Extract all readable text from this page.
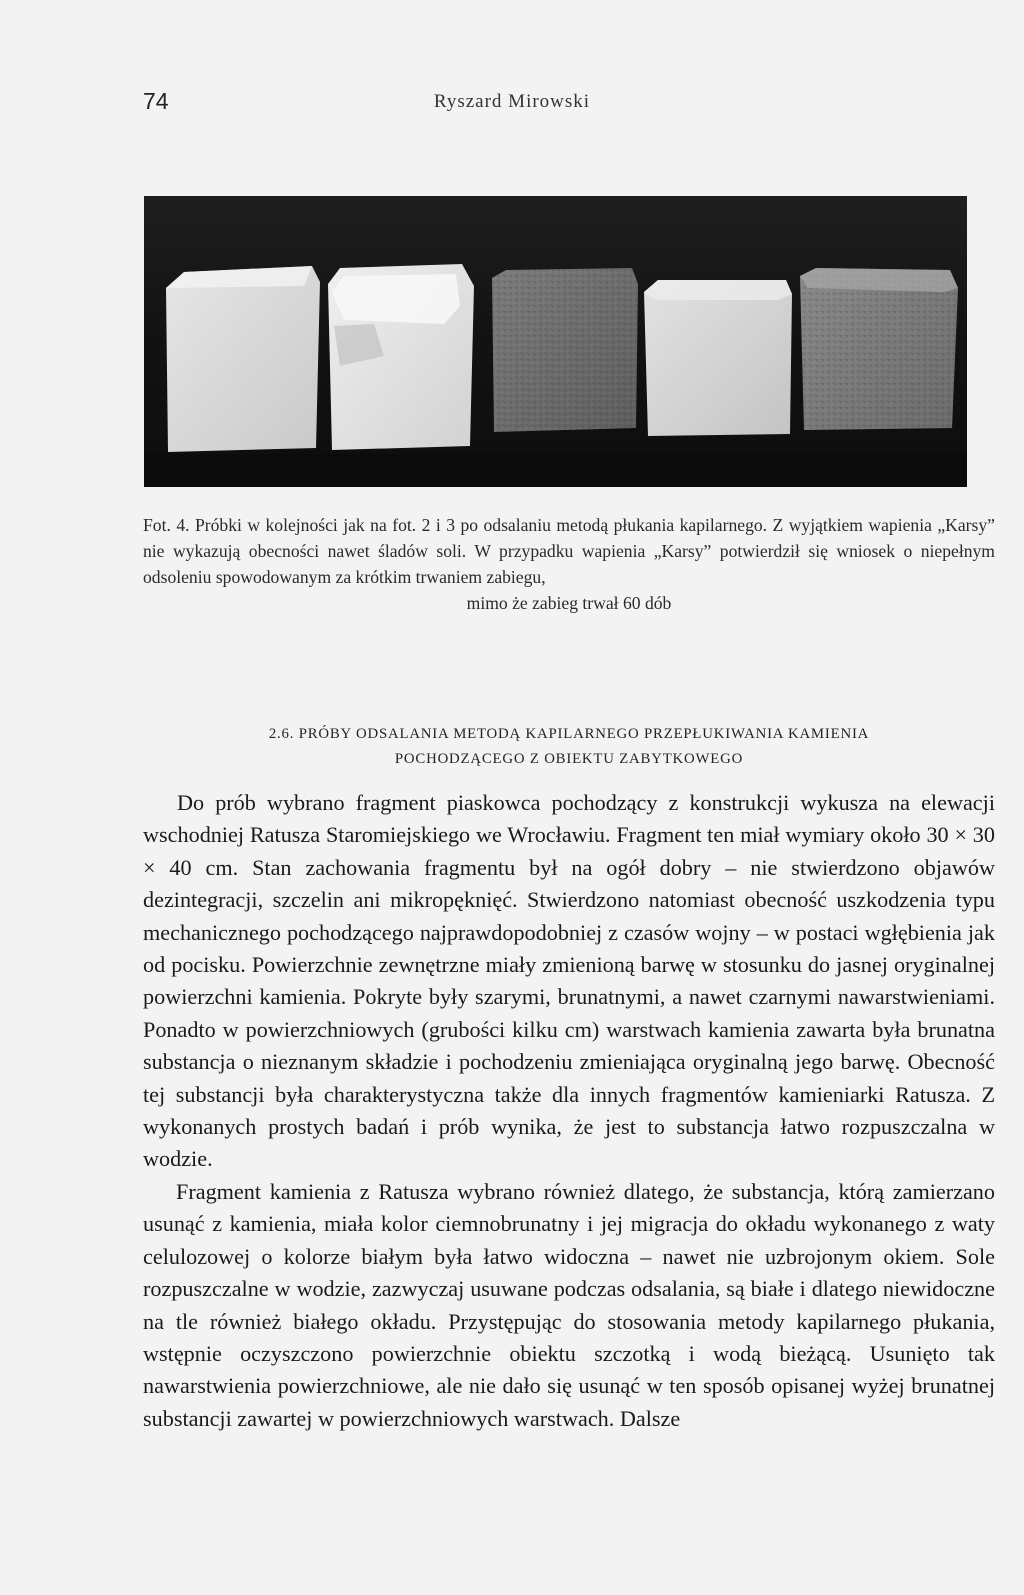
74	Ryszard Mirowski
Fot. 4. Próbki w kolejności jak na fot. 2 i 3 po odsalaniu metodą płukania kapilarnego. Z wyjątkiem wapienia „Karsy” nie wykazują obecności nawet śladów soli. W przypadku wapienia „Karsy” potwierdził się wniosek o niepełnym odsoleniu spowodowanym za krótkim trwaniem zabiegu,
mimo że zabieg trwał 60 dób
2.6. PRÓBY ODSALANIA METODĄ KAPILARNEGO PRZEPŁUKIWANIA KAMIENIA
POCHODZĄCEGO Z OBIEKTU ZABYTKOWEGO

Do prób wybrano fragment piaskowca pochodzący z konstrukcji wykusza na elewacji wschodniej Ratusza Staromiejskiego we Wrocławiu. Fragment ten miał wymiary około 30 × 30 × 40 cm. Stan zachowania fragmentu był na ogół dobry – nie stwierdzono objawów dezintegracji, szczelin ani mikropęknięć. Stwierdzono natomiast obecność uszkodzenia typu mechanicznego pochodzącego najprawdopodobniej z czasów wojny – w postaci wgłębienia jak od pocisku. Powierzchnie zewnętrzne miały zmienioną barwę w stosunku do jasnej oryginalnej powierzchni kamienia. Pokryte były szarymi, brunatnymi, a nawet czarnymi nawarstwieniami. Ponadto w powierzchniowych (grubości kilku cm) warstwach kamienia zawarta była brunatna substancja o nieznanym składzie i pochodzeniu zmieniająca oryginalną jego barwę. Obecność tej substancji była charakterystyczna także dla innych fragmentów kamieniarki Ratusza. Z wykonanych prostych badań i prób wynika, że jest to substancja łatwo rozpuszczalna w wodzie.

Fragment kamienia z Ratusza wybrano również dlatego, że substancja, którą zamierzano usunąć z kamienia, miała kolor ciemnobrunatny i jej migracja do okładu wykonanego z waty celulozowej o kolorze białym była łatwo widoczna – nawet nie uzbrojonym okiem. Sole rozpuszczalne w wodzie, zazwyczaj usuwane podczas odsalania, są białe i dlatego niewidoczne na tle również białego okładu. Przystępując do stosowania metody kapilarnego płukania, wstępnie oczyszczono powierzchnie obiektu szczotką i wodą bieżącą. Usunięto tak nawarstwienia powierzchniowe, ale nie dało się usunąć w ten sposób opisanej wyżej brunatnej substancji zawartej w powierzchniowych warstwach. Dalsze
